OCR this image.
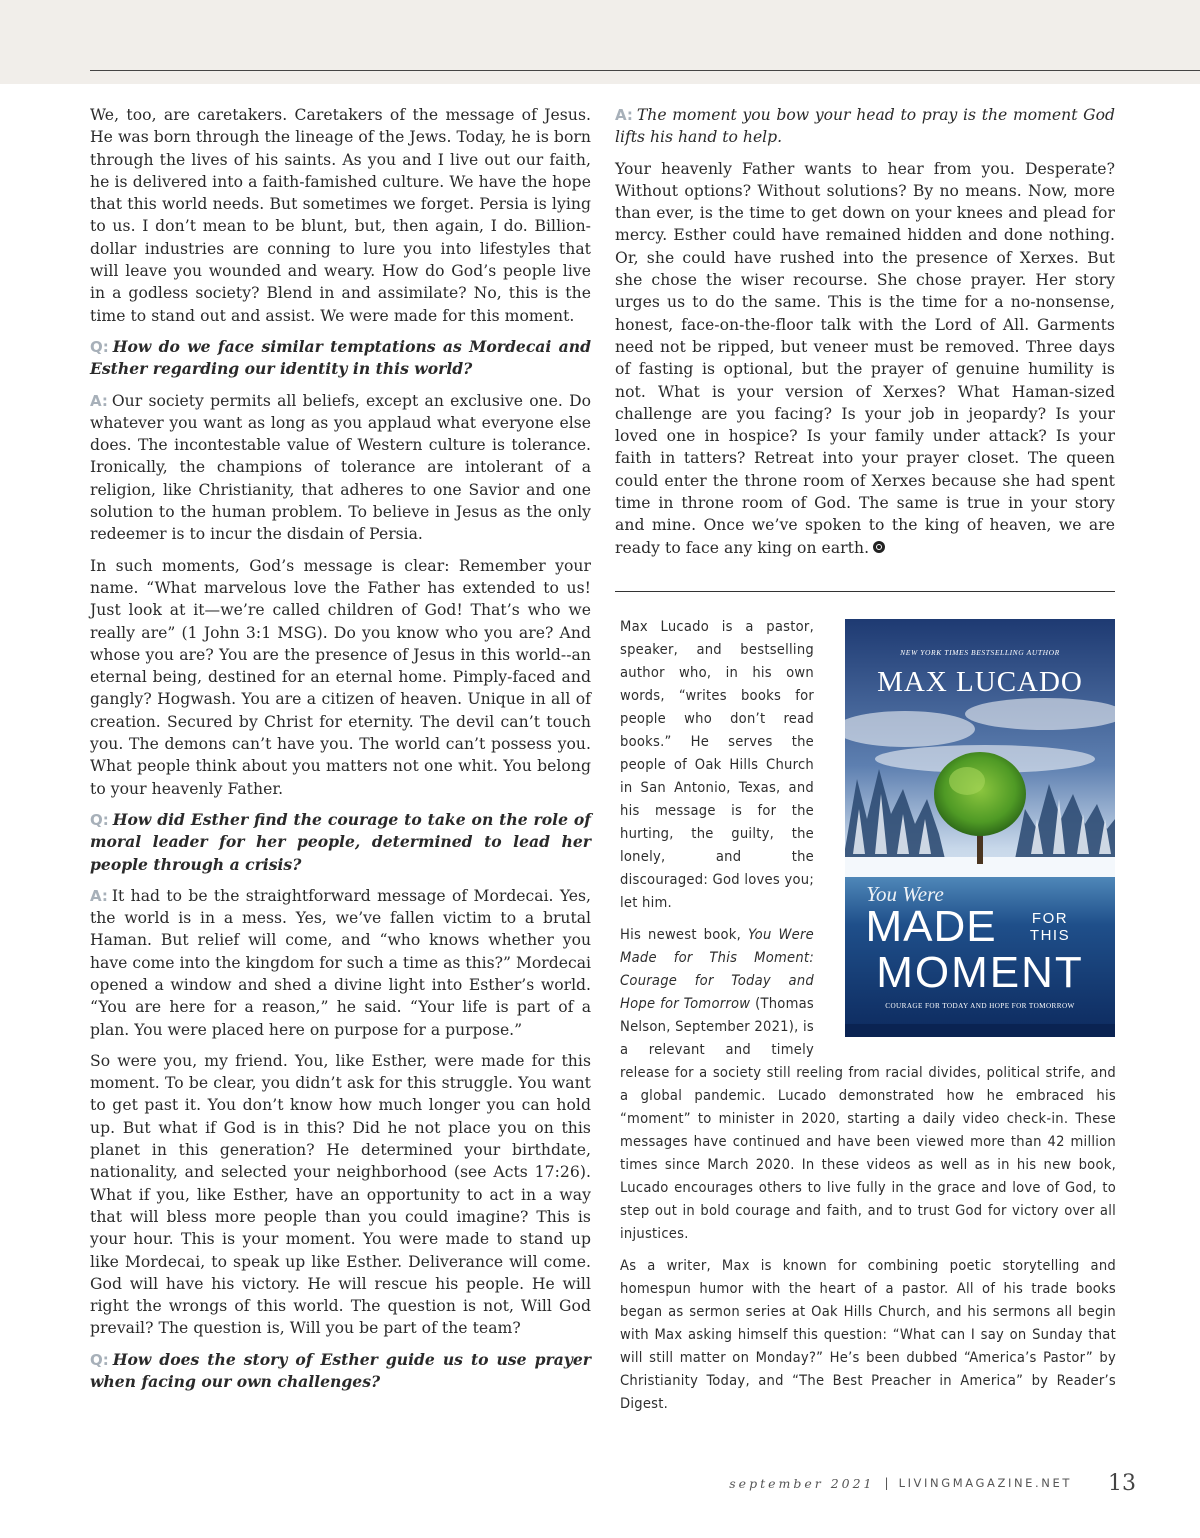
We, too, are caretakers. Caretakers of the message of Jesus. He was born through the lineage of the Jews. Today, he is born through the lives of his saints. As you and I live out our faith, he is delivered into a faith-famished culture. We have the hope that this world needs. But sometimes we forget. Persia is lying to us. I don’t mean to be blunt, but, then again, I do. Billion-dollar industries are conning to lure you into lifestyles that will leave you wounded and weary. How do God’s people live in a godless society? Blend in and assimilate? No, this is the time to stand out and assist. We were made for this moment.

Q: How do we face similar temptations as Mordecai and Esther regarding our identity in this world?

A: Our society permits all beliefs, except an exclusive one. Do whatever you want as long as you applaud what everyone else does. The incontestable value of Western culture is tolerance. Ironically, the champions of tolerance are intolerant of a religion, like Christianity, that adheres to one Savior and one solution to the human problem. To believe in Jesus as the only redeemer is to incur the disdain of Persia.

In such moments, God’s message is clear: Remember your name. “What marvelous love the Father has extended to us! Just look at it—we’re called children of God! That’s who we really are” (1 John 3:1 MSG). Do you know who you are? And whose you are? You are the presence of Jesus in this world--an eternal being, destined for an eternal home. Pimply-faced and gangly? Hogwash. You are a citizen of heaven. Unique in all of creation. Secured by Christ for eternity. The devil can’t touch you. The demons can’t have you. The world can’t possess you. What people think about you matters not one whit. You belong to your heavenly Father.

Q: How did Esther find the courage to take on the role of moral leader for her people, determined to lead her people through a crisis?

A: It had to be the straightforward message of Mordecai. Yes, the world is in a mess. Yes, we’ve fallen victim to a brutal Haman. But relief will come, and “who knows whether you have come into the kingdom for such a time as this?” Mordecai opened a window and shed a divine light into Esther’s world. “You are here for a reason,” he said. “Your life is part of a plan. You were placed here on purpose for a purpose.”

So were you, my friend. You, like Esther, were made for this moment. To be clear, you didn’t ask for this struggle. You want to get past it. You don’t know how much longer you can hold up. But what if God is in this? Did he not place you on this planet in this generation? He determined your birthdate, nationality, and selected your neighborhood (see Acts 17:26). What if you, like Esther, have an opportunity to act in a way that will bless more people than you could imagine? This is your hour. This is your moment. You were made to stand up like Mordecai, to speak up like Esther. Deliverance will come. God will have his victory. He will rescue his people. He will right the wrongs of this world. The question is not, Will God prevail? The question is, Will you be part of the team?

Q: How does the story of Esther guide us to use prayer when facing our own challenges?

A: The moment you bow your head to pray is the moment God lifts his hand to help.

Your heavenly Father wants to hear from you. Desperate? Without options? Without solutions? By no means. Now, more than ever, is the time to get down on your knees and plead for mercy. Esther could have remained hidden and done nothing. Or, she could have rushed into the presence of Xerxes. But she chose the wiser recourse. She chose prayer. Her story urges us to do the same. This is the time for a no-nonsense, honest, face-on-the-floor talk with the Lord of All. Garments need not be ripped, but veneer must be removed. Three days of fasting is optional, but the prayer of genuine humility is not. What is your version of Xerxes? What Haman-sized challenge are you facing? Is your job in jeopardy? Is your loved one in hospice? Is your family under attack? Is your faith in tatters? Retreat into your prayer closet. The queen could enter the throne room of Xerxes because she had spent time in throne room of God. The same is true in your story and mine. Once we’ve spoken to the king of heaven, we are ready to face any king on earth.

Max Lucado is a pastor, speaker, and bestselling author who, in his own words, “writes books for people who don’t read books.” He serves the people of Oak Hills Church in San Antonio, Texas, and his message is for the hurting, the guilty, the lonely, and the discouraged: God loves you; let him.

His newest book, You Were Made for This Moment: Courage for Today and Hope for Tomorrow (Thomas Nelson, September 2021), is a relevant and timely release for a society still reeling from racial divides, political strife, and a global pandemic. Lucado demonstrated how he embraced his “moment” to minister in 2020, starting a daily video check-in. These messages have continued and have been viewed more than 42 million times since March 2020. In these videos as well as in his new book, Lucado encourages others to live fully in the grace and love of God, to step out in bold courage and faith, and to trust God for victory over all injustices.

As a writer, Max is known for combining poetic storytelling and homespun humor with the heart of a pastor. All of his trade books began as sermon series at Oak Hills Church, and his sermons all begin with Max asking himself this question: “What can I say on Sunday that will still matter on Monday?” He’s been dubbed “America’s Pastor” by Christianity Today, and “The Best Preacher in America” by Reader’s Digest.

NEW YORK TIMES BESTSELLING AUTHOR
MAX LUCADO
You Were
MADE FOR
THIS
MOMENT
COURAGE FOR TODAY AND HOPE FOR TOMORROW
september 2021 | LIVINGMAGAZINE.NET 13
